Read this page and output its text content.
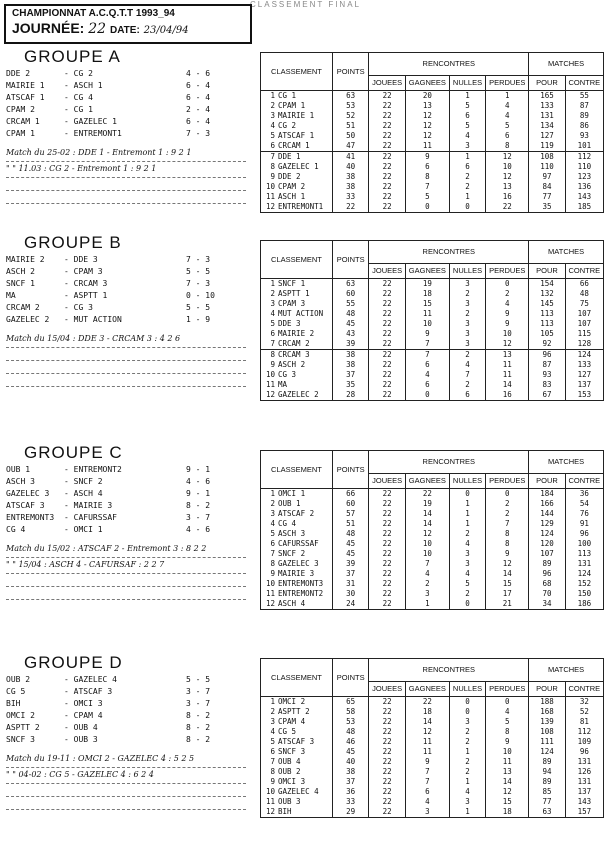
CLASSEMENT FINAL
CHAMPIONNAT A.C.Q.T.T 1993_94
JOURNÉE: 22 DATE: 23/04/94
GROUPE A
DDE 2	- CG 2	4 - 6
MAIRIE 1	- ASCH 1	6 - 4
ATSCAF 1	- CG 4	6 - 4
CPAM 2	- CG 1	2 - 4
CRCAM 1	- GAZELEC 1	6 - 4
CPAM 1	- ENTREMONT1	7 - 3
Match du 25-02 : DDE 1 - Entremont 1 : 9 2 1
" " 11.03 : CG 2 - Entremont 1 : 9 2 1
CLASSEMENT	POINTS	RENCONTRES				MATCHES	
		JOUEES	GAGNEES	NULLES	PERDUES	POUR	CONTRE
1 CG 1	63	22	20	1	1	165	55
2 CPAM 1	53	22	13	5	4	133	87
3 MAIRIE 1	52	22	12	6	4	131	89
4 CG 2	51	22	12	5	5	134	86
5 ATSCAF 1	50	22	12	4	6	127	93
6 CRCAM 1	47	22	11	3	8	119	101
7 DDE 1	41	22	9	1	12	108	112
8 GAZELEC 1	40	22	6	6	10	110	110
9 DDE 2	38	22	8	2	12	97	123
10 CPAM 2	38	22	7	2	13	84	136
11 ASCH 1	33	22	5	1	16	77	143
12 ENTREMONT1	22	22	0	0	22	35	185
GROUPE B
MAIRIE 2	- DDE 3	7 - 3
ASCH 2	- CPAM 3	5 - 5
SNCF 1	- CRCAM 3	7 - 3
MA	- ASPTT 1	0 - 10
CRCAM 2	- CG 3	5 - 5
GAZELEC 2	- MUT ACTION	1 - 9
Match du 15/04 : DDE 3 - CRCAM 3 : 4 2 6
CLASSEMENT	POINTS	RENCONTRES				MATCHES	
		JOUEES	GAGNEES	NULLES	PERDUES	POUR	CONTRE
1 SNCF 1	63	22	19	3	0	154	66
2 ASPTT 1	60	22	18	2	2	132	48
3 CPAM 3	55	22	15	3	4	145	75
4 MUT ACTION	48	22	11	2	9	113	107
5 DDE 3	45	22	10	3	9	113	107
6 MAIRIE 2	43	22	9	3	10	105	115
7 CRCAM 2	39	22	7	3	12	92	128
8 CRCAM 3	38	22	7	2	13	96	124
9 ASCH 2	38	22	6	4	11	87	133
10 CG 3	37	22	4	7	11	93	127
11 MA	35	22	6	2	14	83	137
12 GAZELEC 2	28	22	0	6	16	67	153
GROUPE C
OUB 1	- ENTREMONT2	9 - 1
ASCH 3	- SNCF 2	4 - 6
GAZELEC 3	- ASCH 4	9 - 1
ATSCAF 3	- MAIRIE 3	8 - 2
ENTREMONT3	- CAFURSSAF	3 - 7
CG 4	- OMCI 1	4 - 6
Match du 15/02 : ATSCAF 2 - Entremont 3 : 8 2 2
" " 15/04 : ASCH 4 - CAFURSAF : 2 2 7
CLASSEMENT	POINTS	RENCONTRES				MATCHES	
		JOUEES	GAGNEES	NULLES	PERDUES	POUR	CONTRE
1 OMCI 1	66	22	22	0	0	184	36
2 OUB 1	60	22	19	1	2	166	54
3 ATSCAF 2	57	22	14	1	2	144	76
4 CG 4	51	22	14	1	7	129	91
5 ASCH 3	48	22	12	2	8	124	96
6 CAFURSSAF	45	22	10	4	8	120	100
7 SNCF 2	45	22	10	3	9	107	113
8 GAZELEC 3	39	22	7	3	12	89	131
9 MAIRIE 3	37	22	4	4	14	96	124
10 ENTREMONT3	31	22	2	5	15	68	152
11 ENTREMONT2	30	22	3	2	17	70	150
12 ASCH 4	24	22	1	0	21	34	186
GROUPE D
OUB 2	- GAZELEC 4	5 - 5
CG 5	- ATSCAF 3	3 - 7
BIH	- OMCI 3	3 - 7
OMCI 2	- CPAM 4	8 - 2
ASPTT 2	- OUB 4	8 - 2
SNCF 3	- OUB 3	8 - 2
Match du 19-11 : OMCI 2 - GAZELEC 4 : 5 2 5
" " 04-02 : CG 5 - GAZELEC 4 : 6 2 4
CLASSEMENT	POINTS	RENCONTRES				MATCHES	
		JOUEES	GAGNEES	NULLES	PERDUES	POUR	CONTRE
1 OMCI 2	65	22	22	0	0	188	32
2 ASPTT 2	58	22	18	0	4	168	52
3 CPAM 4	53	22	14	3	5	139	81
4 CG 5	48	22	12	2	8	108	112
5 ATSCAF 3	46	22	11	2	9	111	109
6 SNCF 3	45	22	11	1	10	124	96
7 OUB 4	40	22	9	2	11	89	131
8 OUB 2	38	22	7	2	13	94	126
9 OMCI 3	37	22	7	1	14	89	131
10 GAZELEC 4	36	22	6	4	12	85	137
11 OUB 3	33	22	4	3	15	77	143
12 BIH	29	22	3	1	18	63	157
